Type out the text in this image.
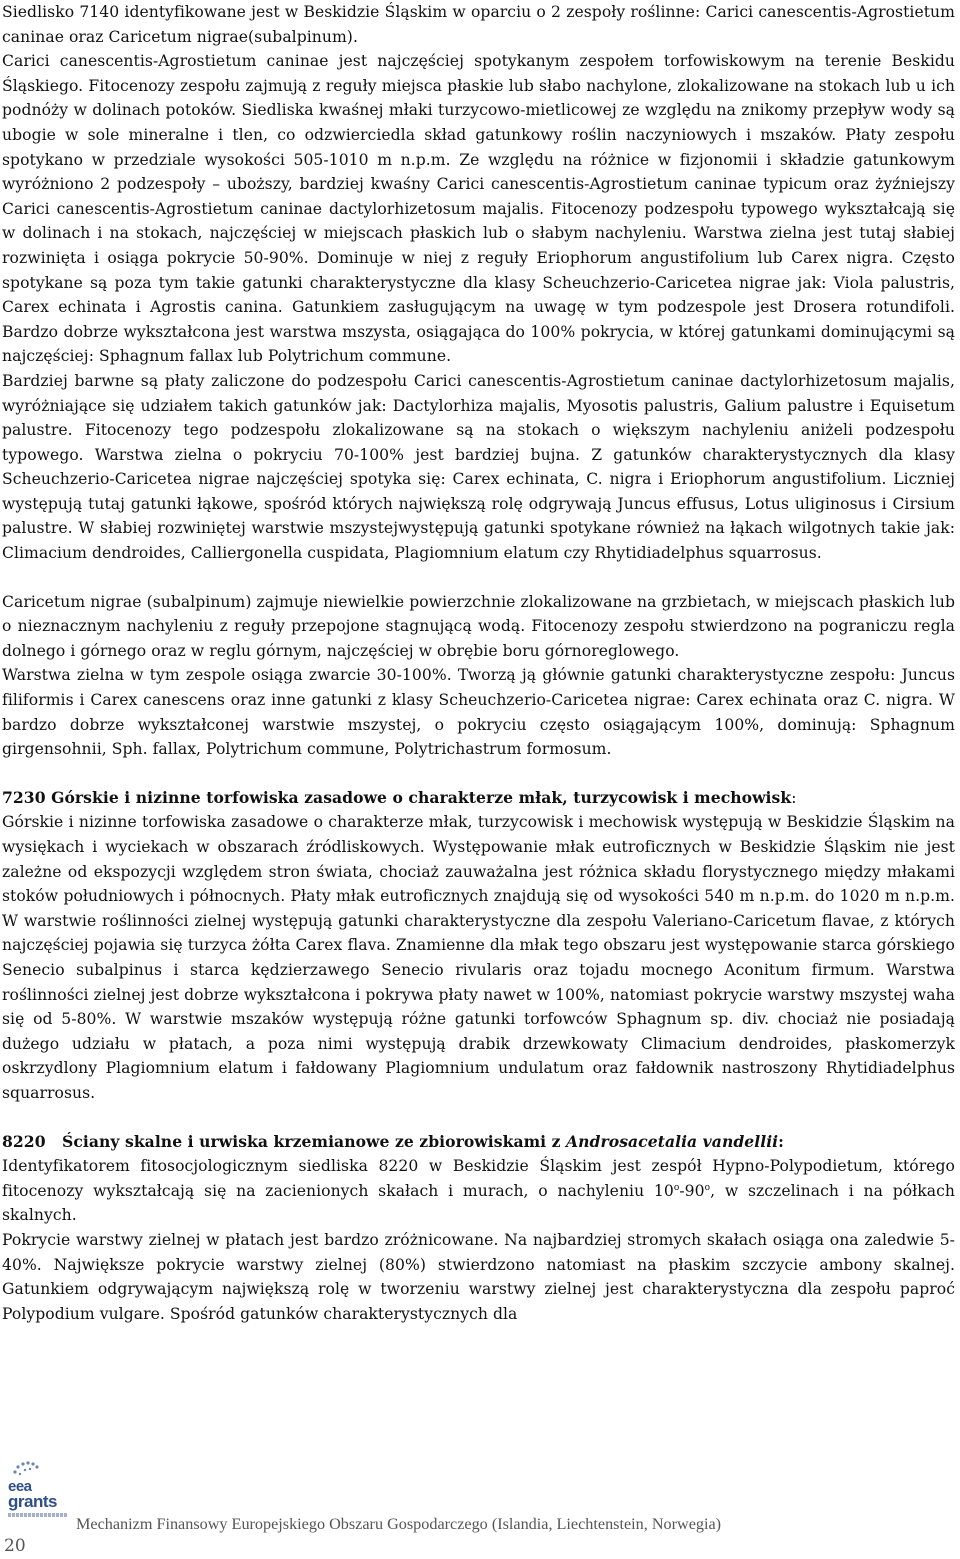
Siedlisko 7140 identyfikowane jest w Beskidzie Śląskim w oparciu o 2 zespoły roślinne: Carici canescentis-Agrostietum caninae oraz Caricetum nigrae(subalpinum).

Carici canescentis-Agrostietum caninae jest najczęściej spotykanym zespołem torfowiskowym na terenie Beskidu Śląskiego. Fitocenozy zespołu zajmują z reguły miejsca płaskie lub słabo nachylone, zlokalizowane na stokach lub u ich podnóży w dolinach potoków. Siedliska kwaśnej młaki turzycowo-mietlicowej ze względu na znikomy przepływ wody są ubogie w sole mineralne i tlen, co odzwierciedla skład gatunkowy roślin naczyniowych i mszaków. Płaty zespołu spotykano w przedziale wysokości 505-1010 m n.p.m. Ze względu na różnice w fizjonomii i składzie gatunkowym wyróżniono 2 podzespoły – uboższy, bardziej kwaśny Carici canescentis-Agrostietum caninae typicum oraz żyźniejszy Carici canescentis-Agrostietum caninae dactylorhizetosum majalis. Fitocenozy podzespołu typowego wykształcają się w dolinach i na stokach, najczęściej w miejscach płaskich lub o słabym nachyleniu. Warstwa zielna jest tutaj słabiej rozwinięta i osiąga pokrycie 50-90%. Dominuje w niej z reguły Eriophorum angustifolium lub Carex nigra. Często spotykane są poza tym takie gatunki charakterystyczne dla klasy Scheuchzerio-Caricetea nigrae jak: Viola palustris, Carex echinata i Agrostis canina. Gatunkiem zasługującym na uwagę w tym podzespole jest Drosera rotundifoli. Bardzo dobrze wykształcona jest warstwa mszysta, osiągająca do 100% pokrycia, w której gatunkami dominującymi są najczęściej: Sphagnum fallax lub Polytrichum commune.

Bardziej barwne są płaty zaliczone do podzespołu Carici canescentis-Agrostietum caninae dactylorhizetosum majalis, wyróżniające się udziałem takich gatunków jak: Dactylorhiza majalis, Myosotis palustris, Galium palustre i Equisetum palustre. Fitocenozy tego podzespołu zlokalizowane są na stokach o większym nachyleniu aniżeli podzespołu typowego. Warstwa zielna o pokryciu 70-100% jest bardziej bujna. Z gatunków charakterystycznych dla klasy Scheuchzerio-Caricetea nigrae najczęściej spotyka się: Carex echinata, C. nigra i Eriophorum angustifolium. Liczniej występują tutaj gatunki łąkowe, spośród których największą rolę odgrywają Juncus effusus, Lotus uliginosus i Cirsium palustre. W słabiej rozwiniętej warstwie mszystejwystępują gatunki spotykane również na łąkach wilgotnych takie jak: Climacium dendroides, Calliergonella cuspidata, Plagiomnium elatum czy Rhytidiadelphus squarrosus.

Caricetum nigrae (subalpinum) zajmuje niewielkie powierzchnie zlokalizowane na grzbietach, w miejscach płaskich lub o nieznacznym nachyleniu z reguły przepojone stagnującą wodą. Fitocenozy zespołu stwierdzono na pograniczu regla dolnego i górnego oraz w reglu górnym, najczęściej w obrębie boru górnoreglowego.

Warstwa zielna w tym zespole osiąga zwarcie 30-100%. Tworzą ją głównie gatunki charakterystyczne zespołu: Juncus filiformis i Carex canescens oraz inne gatunki z klasy Scheuchzerio-Caricetea nigrae: Carex echinata oraz C. nigra. W bardzo dobrze wykształconej warstwie mszystej, o pokryciu często osiągającym 100%, dominują: Sphagnum girgensohnii, Sph. fallax, Polytrichum commune, Polytrichastrum formosum.

7230 Górskie i nizinne torfowiska zasadowe o charakterze młak, turzycowisk i mechowisk:

Górskie i nizinne torfowiska zasadowe o charakterze młak, turzycowisk i mechowisk występują w Beskidzie Śląskim na wysiękach i wyciekach w obszarach źródliskowych. Występowanie młak eutroficznych w Beskidzie Śląskim nie jest zależne od ekspozycji względem stron świata, chociaż zauważalna jest różnica składu florystycznego między młakami stoków południowych i północnych. Płaty młak eutroficznych znajdują się od wysokości 540 m n.p.m. do 1020 m n.p.m. W warstwie roślinności zielnej występują gatunki charakterystyczne dla zespołu Valeriano-Caricetum flavae, z których najczęściej pojawia się turzyca żółta Carex flava. Znamienne dla młak tego obszaru jest występowanie starca górskiego Senecio subalpinus i starca kędzierzawego Senecio rivularis oraz tojadu mocnego Aconitum firmum. Warstwa roślinności zielnej jest dobrze wykształcona i pokrywa płaty nawet w 100%, natomiast pokrycie warstwy mszystej waha się od 5-80%. W warstwie mszaków występują różne gatunki torfowców Sphagnum sp. div. chociaż nie posiadają dużego udziału w płatach, a poza nimi występują drabik drzewkowaty Climacium dendroides, płaskomerzyk oskrzydlony Plagiomnium elatum i fałdowany Plagiomnium undulatum oraz fałdownik nastroszony Rhytidiadelphus squarrosus.

8220   Ściany skalne i urwiska krzemianowe ze zbiorowiskami z Androsacetalia vandellii:

Identyfikatorem fitosocjologicznym siedliska 8220 w Beskidzie Śląskim jest zespół Hypno-Polypodietum, którego fitocenozy wykształcają się na zacienionych skałach i murach, o nachyleniu 10$^o$-90$^o$, w szczelinach i na półkach skalnych.

Pokrycie warstwy zielnej w płatach jest bardzo zróżnicowane. Na najbardziej stromych skałach osiąga ona zaledwie 5-40%. Największe pokrycie warstwy zielnej (80%) stwierdzono natomiast na płaskim szczycie ambony skalnej. Gatunkiem odgrywającym największą rolę w tworzeniu warstwy zielnej jest charakterystyczna dla zespołu paproć Polypodium vulgare. Spośród gatunków charakterystycznych dla

eea
grants
20
Mechanizm Finansowy Europejskiego Obszaru Gospodarczego (Islandia, Liechtenstein, Norwegia)
